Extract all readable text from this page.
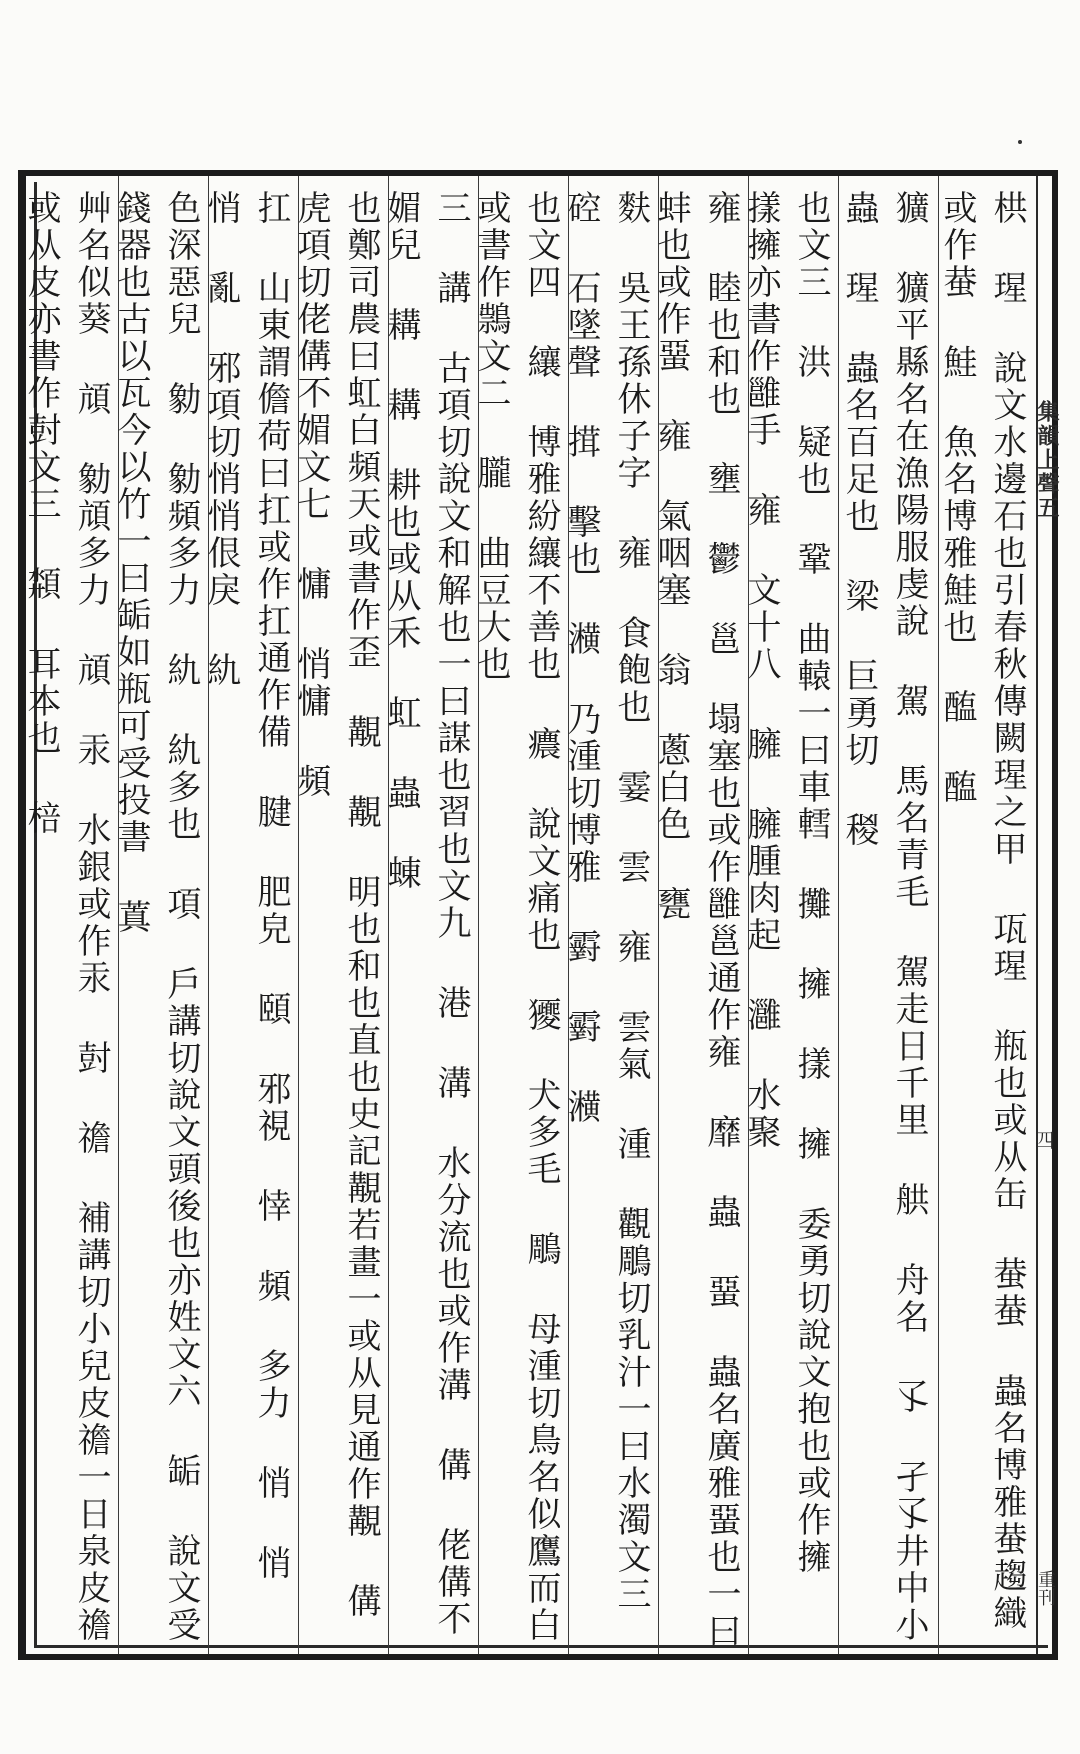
集韻上聲五
四
重刊
栱 瑆 說文水邊石也引春秋傳闕瑆之甲 瓨瑆 瓶也或从缶 蛬蛬 蟲名博雅蛬趨織或作蛬 鮭 魚名博雅鮭也 醢 醢
獷 獷平縣名在漁陽服虔說 駕 馬名青毛 駕走日千里 舼 舟名 孓 孑孓井中小蟲 瑆 蟲名百足也 梁 巨勇切 稯
也文三 洪 疑也 鞏 曲轅一曰車轌 攤 擁 㨾 擁 委勇切說文抱也或作擁 㨾擁亦書作雝手 雍 文十八 臃 臃腫肉起 灉 水聚
雍 睦也和也 壅 鬱 邕 塌塞也或作雝邕通作雍 靡 蟲 蝁 蟲名廣雅蝁也一曰蚌也或作蝁 雍 氣咽塞 翁 蔥白色 甕
麩 吳王孫休子字 雍 食飽也 霎 雲 雍 雲氣 湩 觀鵰切乳汁一曰水濁文三 硿 石墜聲 搑 擊也 㶇 乃湩切博雅 䨴 䨴 㶇
也文四 纕 博雅紛纕不善也 癑 說文痛也 獿 犬多毛 鵰 母湩切鳥名似鷹而白或書作䳳文二 朧 曲豆大也
三 講 古項切說文和解也一曰謀也習也文九 港 溝 水分流也或作溝 傋 佬傋不媚兒 耩 耩 耕也或从禾 虹 蟲 蝀
也鄭司農曰虹白頻天或書作歪 覯 覯 明也和也直也史記覯若畫一或从見通作覯 傋 虎項切佬傋不媚文七 慵 悄慵 頻
扛 山東謂儋荷曰扛或作扛通作備 腱 肥皃 頤 邪視 悻 頻 多力 悄 悄 悄 亂 邪項切悄悄佷戾 䊵
色深惡兒 勨 勨頻多力 䊵 䊵多也 項 戶講切說文頭後也亦姓文六 缿 說文受錢器也古以瓦今以竹一曰缿如瓶可受投書 蒖
艸名似葵 頏 勨頏多力 頏 汞 水銀或作汞 尌 䄡 補講切小兒皮䄡一日泉皮䄡或从皮亦書作尌文三 頮 耳本也 棓
